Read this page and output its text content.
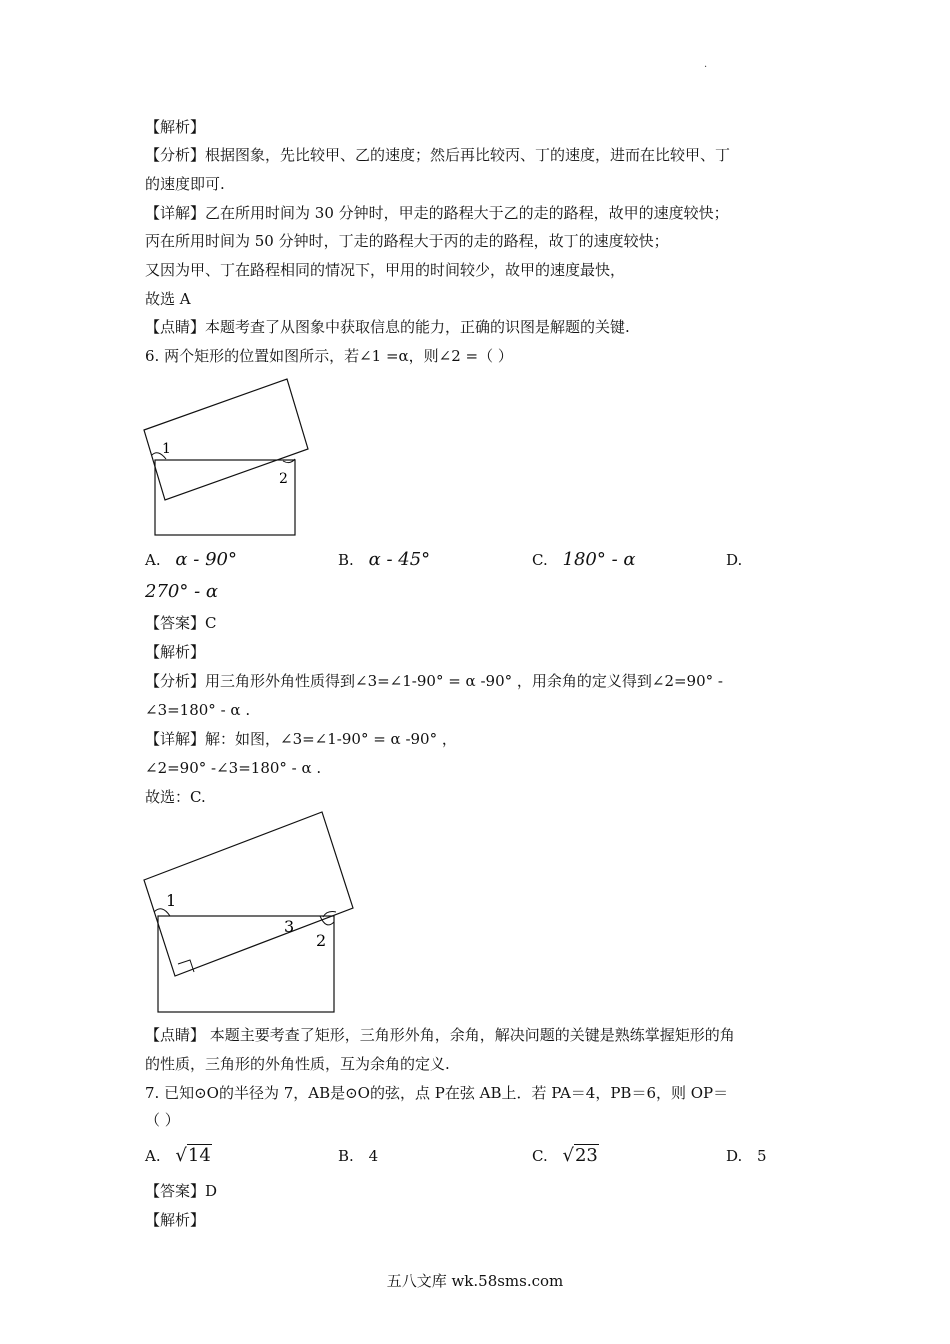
·
【解析】
【分析】根据图象，先比较甲、乙的速度；然后再比较丙、丁的速度，进而在比较甲、丁
的速度即可.
【详解】乙在所用时间为 30 分钟时，甲走的路程大于乙的走的路程，故甲的速度较快；
丙在所用时间为 50 分钟时，丁走的路程大于丙的走的路程，故丁的速度较快；
又因为甲、丁在路程相同的情况下，甲用的时间较少，故甲的速度最快，
故选 A
【点睛】本题考查了从图象中获取信息的能力，正确的识图是解题的关键.
6. 两个矩形的位置如图所示，若∠1 =α，则∠2 =（ ）
1
2
A. α - 90°	B. α - 45°	C. 180° - α	D.
270° - α
【答案】C
【解析】
【分析】用三角形外角性质得到∠3=∠1-90° = α -90° ，用余角的定义得到∠2=90° -
∠3=180° - α .
【详解】解：如图，∠3=∠1-90° = α -90° ，
∠2=90° -∠3=180° - α .
故选：C.
1
3
2
【点睛】 本题主要考查了矩形，三角形外角，余角，解决问题的关键是熟练掌握矩形的角
的性质，三角形的外角性质，互为余角的定义.
7. 已知⊙O的半径为 7，AB是⊙O的弦，点 P在弦 AB上．若 PA＝4，PB＝6，则 OP＝
（ ）
A. √14	B. 4	C. √23	D. 5
【答案】D
【解析】
五八文库 wk.58sms.com
